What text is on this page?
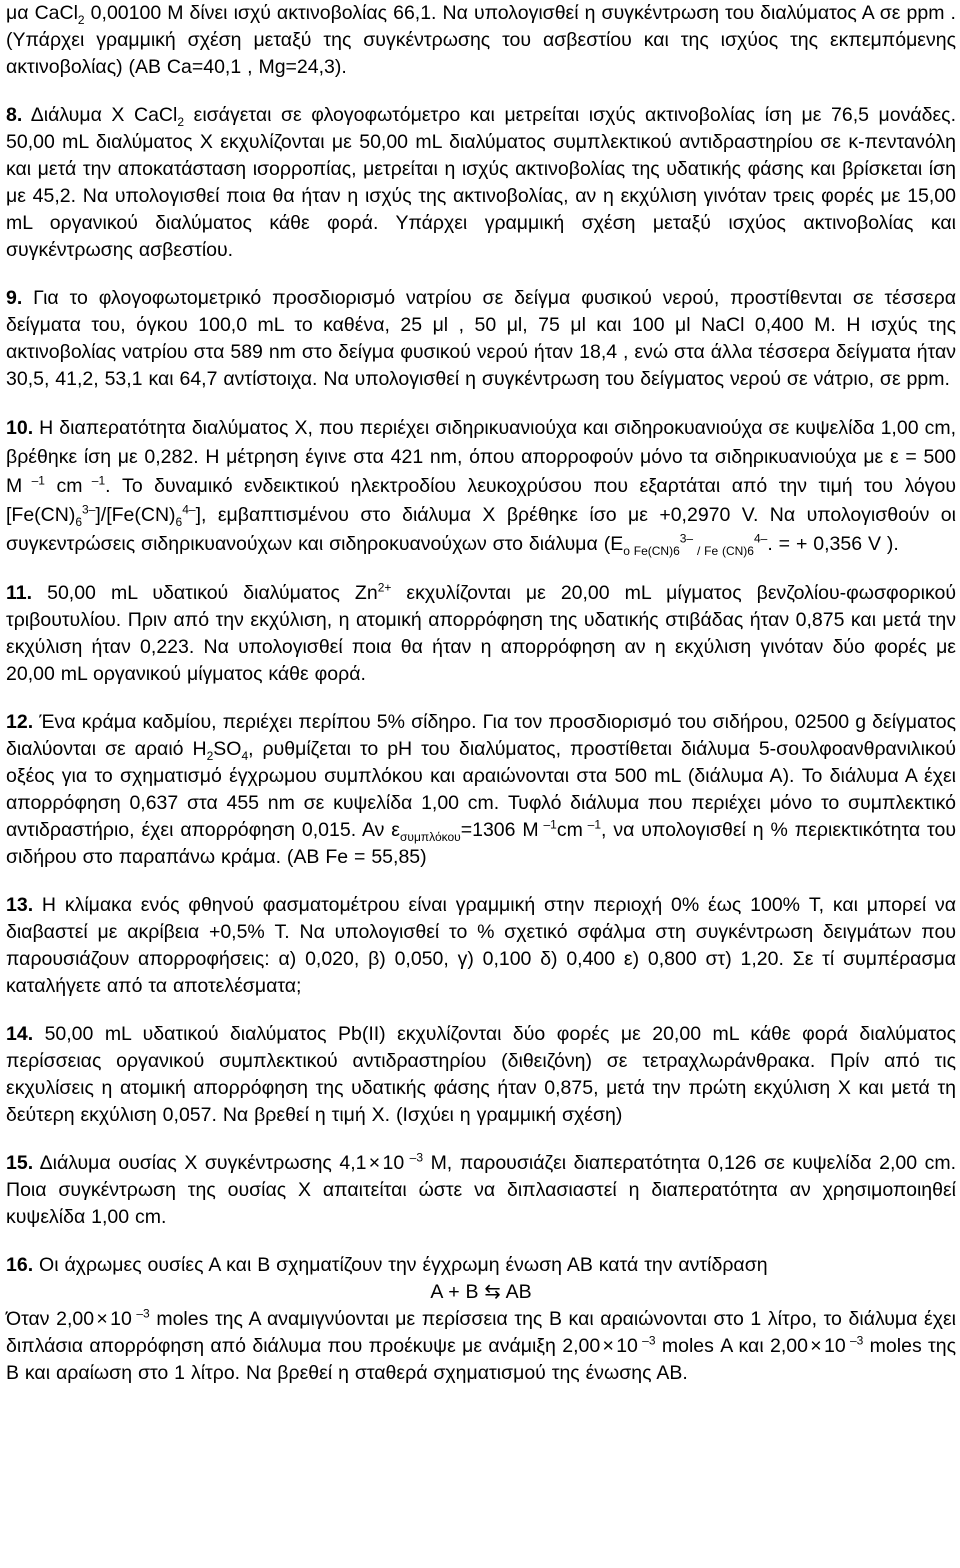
μα CaCl$_2$ 0,00100 M δίνει ισχύ ακτινοβολίας 66,1. Να υπολογισθεί η συγκέντρωση του διαλύματος Α σε ppm . (Υπάρχει γραμμική σχέση μεταξύ της συγκέντρωσης του ασβεστίου και της ισχύος της εκπεμπόμενης ακτινοβολίας) (ΑΒ Ca=40,1 , Mg=24,3).

8. Διάλυμα Χ CaCl$_2$ εισάγεται σε φλογοφωτόμετρο και μετρείται ισχύς ακτινοβολίας ίση με 76,5 μονάδες. 50,00 mL διαλύματος Χ εκχυλίζονται με 50,00 mL διαλύματος συμπλεκτικού αντιδραστηρίου σε κ-πεντανόλη και μετά την αποκατάσταση ισορροπίας, μετρείται η ισχύς ακτινοβολίας της υδατικής φάσης και βρίσκεται ίση με 45,2. Να υπολογισθεί ποια θα ήταν η ισχύς της ακτινοβολίας, αν η εκχύλιση γινόταν τρεις φορές με 15,00 mL οργανικού διαλύματος κάθε φορά. Υπάρχει γραμμική σχέση μεταξύ ισχύος ακτινοβολίας και συγκέντρωσης ασβεστίου.

9. Για το φλογοφωτομετρικό προσδιορισμό νατρίου σε δείγμα φυσικού νερού, προστίθενται σε τέσσερα δείγματα του, όγκου 100,0 mL το καθένα, 25 μl , 50 μl, 75 μl και 100 μl NaCl 0,400 M. Η ισχύς της ακτινοβολίας νατρίου στα 589 nm στο δείγμα φυσικού νερού ήταν 18,4 , ενώ στα άλλα τέσσερα δείγματα ήταν 30,5, 41,2, 53,1 και 64,7 αντίστοιχα. Να υπολογισθεί η συγκέντρωση του δείγματος νερού σε νάτριο, σε ppm.

10. Η διαπερατότητα διαλύματος Χ, που περιέχει σιδηρικυανιούχα και σιδηροκυανιούχα σε κυψελίδα 1,00 cm, βρέθηκε ίση με 0,282. Η μέτρηση έγινε στα 421 nm, όπου απορροφούν μόνο τα σιδηρικυανιούχα με ε = 500 M $^{-1}$ cm $^{-1}$. Το δυναμικό ενδεικτικού ηλεκτροδίου λευκοχρύσου που εξαρτάται από την τιμή του λόγου $[Fe(CN)_6^{3-}]/[Fe(CN)_6^{4-}]$, εμβαπτισμένου στο διάλυμα Χ βρέθηκε ίσο με +0,2970 V. Να υπολογισθούν οι συγκεντρώσεις σιδηρικυανούχων και σιδηροκυανούχων στο διάλυμα ($E_{o Fe(CN)6}^{3-}$ $_{/ Fe (CN)6}^{4-}$. = + 0,356 V ).

11. 50,00 mL υδατικού διαλύματος $Zn^{2+}$ εκχυλίζονται με 20,00 mL μίγματος βενζολίου-φωσφορικού τριβουτυλίου. Πριν από την εκχύλιση, η ατομική απορρόφηση της υδατικής στιβάδας ήταν 0,875 και μετά την εκχύλιση ήταν 0,223. Να υπολογισθεί ποια θα ήταν η απορρόφηση αν η εκχύλιση γινόταν δύο φορές με 20,00 mL οργανικού μίγματος κάθε φορά.

12. Ένα κράμα καδμίου, περιέχει περίπου 5% σίδηρο. Για τον προσδιορισμό του σιδήρου, 02500 g δείγματος διαλύονται σε αραιό $H_2SO_4$, ρυθμίζεται το pH του διαλύματος, προστίθεται διάλυμα 5-σουλφοανθρανιλικού οξέος για το σχηματισμό έγχρωμου συμπλόκου και αραιώνονται στα 500 mL (διάλυμα Α). Το διάλυμα Α έχει απορρόφηση 0,637 στα 455 nm σε κυψελίδα 1,00 cm. Τυφλό διάλυμα που περιέχει μόνο το συμπλεκτικό αντιδραστήριο, έχει απορρόφηση 0,015. Αν $\varepsilon_{\sigma\upsilon\mu\pi\lambda ό\kappa o\upsilon}=1306$ M $^{-1}$cm $^{-1}$, να υπολογισθεί η % περιεκτικότητα του σιδήρου στο παραπάνω κράμα. (ΑΒ Fe = 55,85)

13. Η κλίμακα ενός φθηνού φασματομέτρου είναι γραμμική στην περιοχή 0% έως 100% T, και μπορεί να διαβαστεί με ακρίβεια +0,5% T. Να υπολογισθεί το % σχετικό σφάλμα στη συγκέντρωση δειγμάτων που παρουσιάζουν απορροφήσεις: α) 0,020, β) 0,050, γ) 0,100 δ) 0,400 ε) 0,800 στ) 1,20. Σε τί συμπέρασμα καταλήγετε από τα αποτελέσματα;

14. 50,00 mL υδατικού διαλύματος Pb(II) εκχυλίζονται δύο φορές με 20,00 mL κάθε φορά διαλύματος περίσσειας οργανικού συμπλεκτικού αντιδραστηρίου (διθειζόνη) σε τετραχλωράνθρακα. Πρίν από τις εκχυλίσεις η ατομική απορρόφηση της υδατικής φάσης ήταν 0,875, μετά την πρώτη εκχύλιση Χ και μετά τη δεύτερη εκχύλιση 0,057. Να βρεθεί η τιμή Χ. (Ισχύει η γραμμική σχέση)

15. Διάλυμα ουσίας Χ συγκέντρωσης 4,1 × 10 $^{-3}$ M, παρουσιάζει διαπερατότητα 0,126 σε κυψελίδα 2,00 cm. Ποια συγκέντρωση της ουσίας Χ απαιτείται ώστε να διπλασιαστεί η διαπερατότητα αν χρησιμοποιηθεί κυψελίδα 1,00 cm.

16. Οι άχρωμες ουσίες Α και Β σχηματίζουν την έγχρωμη ένωση ΑΒ κατά την αντίδραση

A + B ⇆ AB

Όταν 2,00 × 10 $^{-3}$ moles της Α αναμιγνύονται με περίσσεια της Β και αραιώνονται στο 1 λίτρο, το διάλυμα έχει διπλάσια απορρόφηση από διάλυμα που προέκυψε με ανάμιξη 2,00 × 10 $^{-3}$ moles Α και 2,00 × 10 $^{-3}$ moles της Β και αραίωση στο 1 λίτρο. Να βρεθεί η σταθερά σχηματισμού της ένωσης ΑΒ.
